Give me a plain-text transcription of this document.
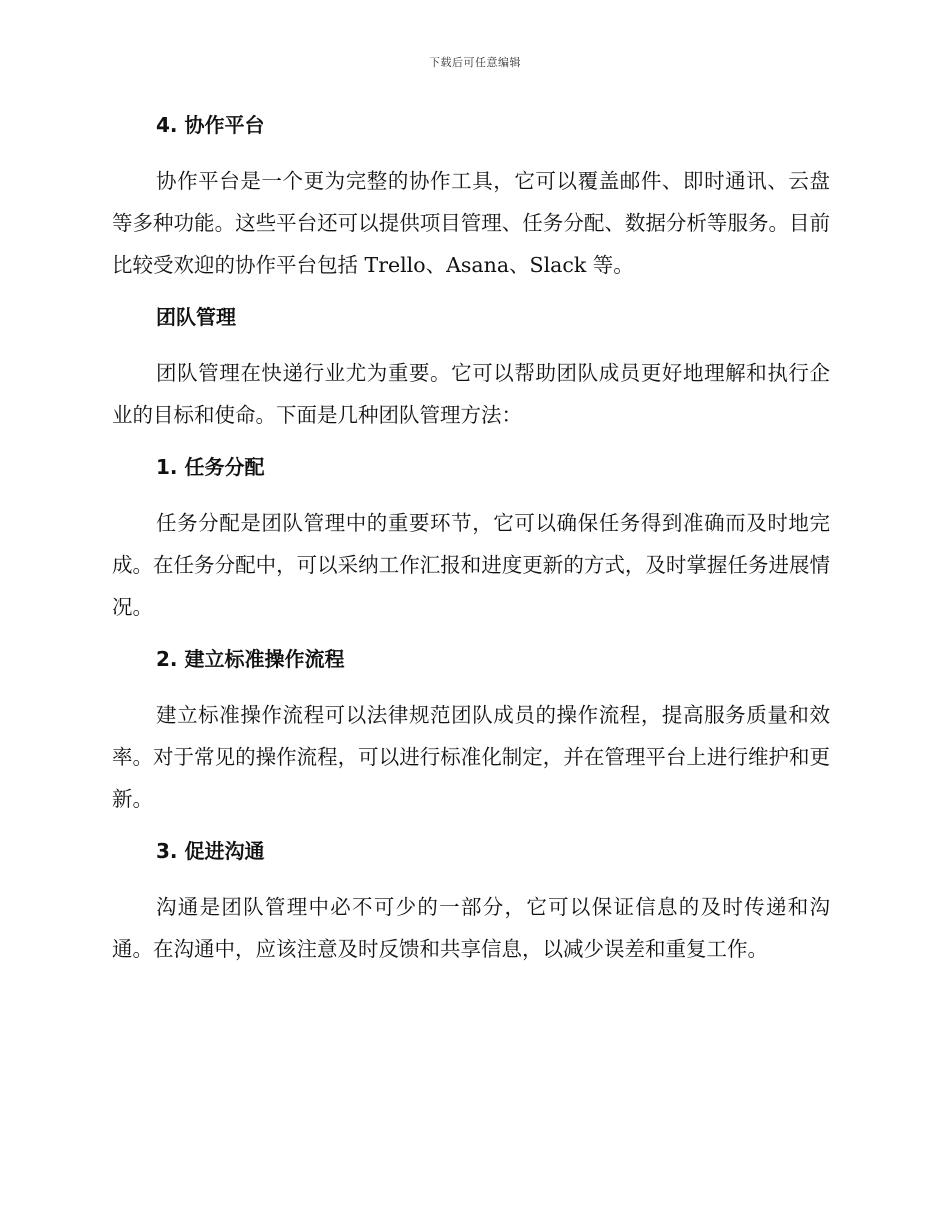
下载后可任意编辑
4. 协作平台

协作平台是一个更为完整的协作工具，它可以覆盖邮件、即时通讯、云盘等多种功能。这些平台还可以提供项目管理、任务分配、数据分析等服务。目前比较受欢迎的协作平台包括 Trello、Asana、Slack 等。

团队管理

团队管理在快递行业尤为重要。它可以帮助团队成员更好地理解和执行企业的目标和使命。下面是几种团队管理方法：

1. 任务分配

任务分配是团队管理中的重要环节，它可以确保任务得到准确而及时地完成。在任务分配中，可以采纳工作汇报和进度更新的方式，及时掌握任务进展情况。

2. 建立标准操作流程

建立标准操作流程可以法律规范团队成员的操作流程，提高服务质量和效率。对于常见的操作流程，可以进行标准化制定，并在管理平台上进行维护和更新。

3. 促进沟通

沟通是团队管理中必不可少的一部分，它可以保证信息的及时传递和沟通。在沟通中，应该注意及时反馈和共享信息，以减少误差和重复工作。
